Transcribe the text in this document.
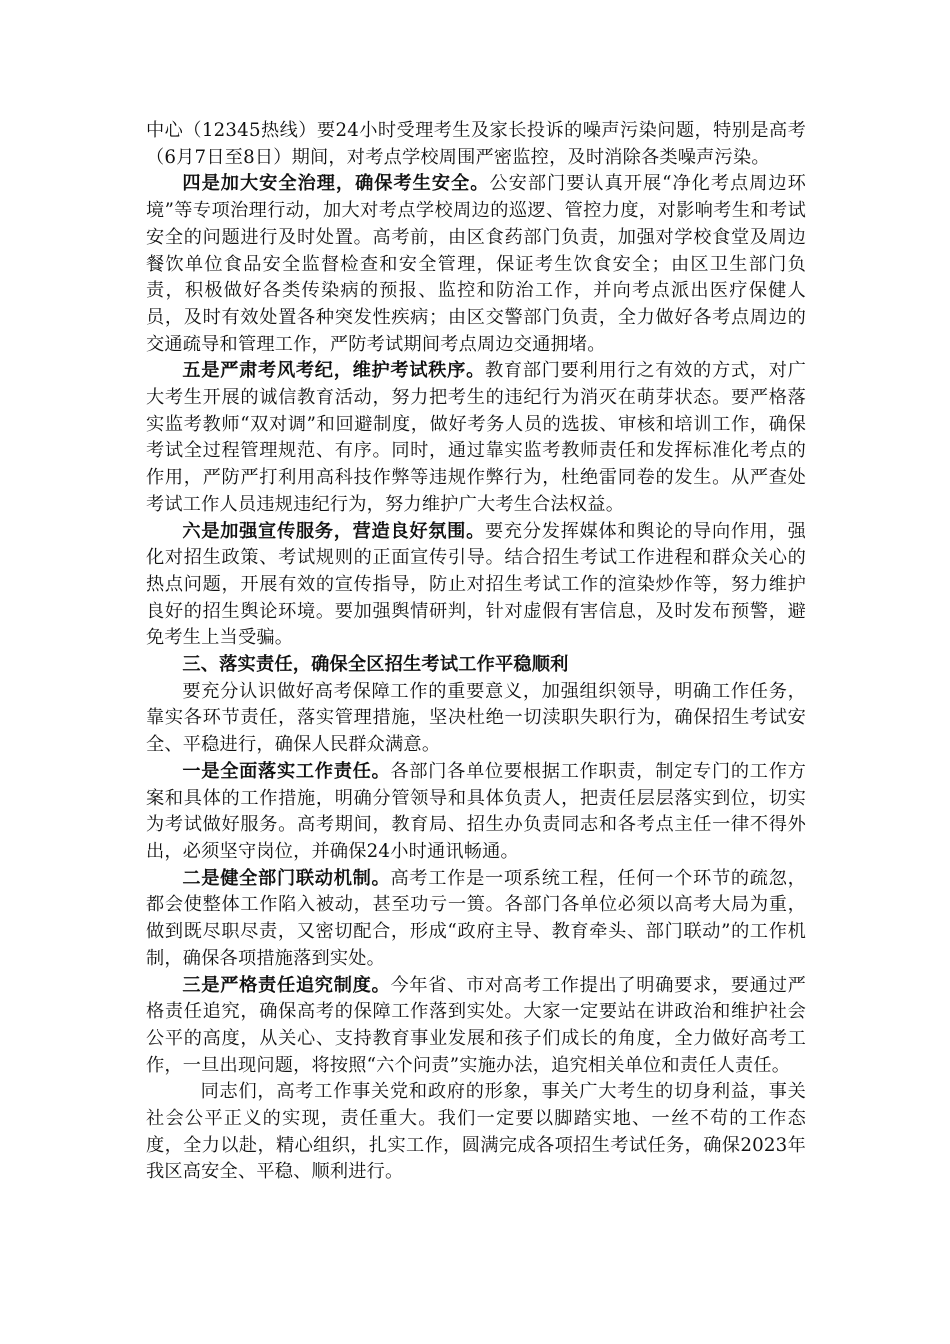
中心（12345热线）要24小时受理考生及家长投诉的噪声污染问题，特别是高考（6月7日至8日）期间，对考点学校周围严密监控，及时消除各类噪声污染。

四是加大安全治理，确保考生安全。公安部门要认真开展“净化考点周边环境”等专项治理行动，加大对考点学校周边的巡逻、管控力度，对影响考生和考试安全的问题进行及时处置。高考前，由区食药部门负责，加强对学校食堂及周边餐饮单位食品安全监督检查和安全管理，保证考生饮食安全；由区卫生部门负责，积极做好各类传染病的预报、监控和防治工作，并向考点派出医疗保健人员，及时有效处置各种突发性疾病；由区交警部门负责，全力做好各考点周边的交通疏导和管理工作，严防考试期间考点周边交通拥堵。

五是严肃考风考纪，维护考试秩序。教育部门要利用行之有效的方式，对广大考生开展的诚信教育活动，努力把考生的违纪行为消灭在萌芽状态。要严格落实监考教师“双对调”和回避制度，做好考务人员的选拔、审核和培训工作，确保考试全过程管理规范、有序。同时，通过靠实监考教师责任和发挥标准化考点的作用，严防严打利用高科技作弊等违规作弊行为，杜绝雷同卷的发生。从严查处考试工作人员违规违纪行为，努力维护广大考生合法权益。

六是加强宣传服务，营造良好氛围。要充分发挥媒体和舆论的导向作用，强化对招生政策、考试规则的正面宣传引导。结合招生考试工作进程和群众关心的热点问题，开展有效的宣传指导，防止对招生考试工作的渲染炒作等，努力维护良好的招生舆论环境。要加强舆情研判，针对虚假有害信息，及时发布预警，避免考生上当受骗。

三、落实责任，确保全区招生考试工作平稳顺利

要充分认识做好高考保障工作的重要意义，加强组织领导，明确工作任务，靠实各环节责任，落实管理措施，坚决杜绝一切渎职失职行为，确保招生考试安全、平稳进行，确保人民群众满意。

一是全面落实工作责任。各部门各单位要根据工作职责，制定专门的工作方案和具体的工作措施，明确分管领导和具体负责人，把责任层层落实到位，切实为考试做好服务。高考期间，教育局、招生办负责同志和各考点主任一律不得外出，必须坚守岗位，并确保24小时通讯畅通。

二是健全部门联动机制。高考工作是一项系统工程，任何一个环节的疏忽，都会使整体工作陷入被动，甚至功亏一篑。各部门各单位必须以高考大局为重，做到既尽职尽责，又密切配合，形成“政府主导、教育牵头、部门联动”的工作机制，确保各项措施落到实处。

三是严格责任追究制度。今年省、市对高考工作提出了明确要求，要通过严格责任追究，确保高考的保障工作落到实处。大家一定要站在讲政治和维护社会公平的高度，从关心、支持教育事业发展和孩子们成长的角度，全力做好高考工作，一旦出现问题，将按照“六个问责”实施办法，追究相关单位和责任人责任。

同志们，高考工作事关党和政府的形象，事关广大考生的切身利益，事关社会公平正义的实现，责任重大。我们一定要以脚踏实地、一丝不苟的工作态度，全力以赴，精心组织，扎实工作，圆满完成各项招生考试任务，确保2023年我区高安全、平稳、顺利进行。
